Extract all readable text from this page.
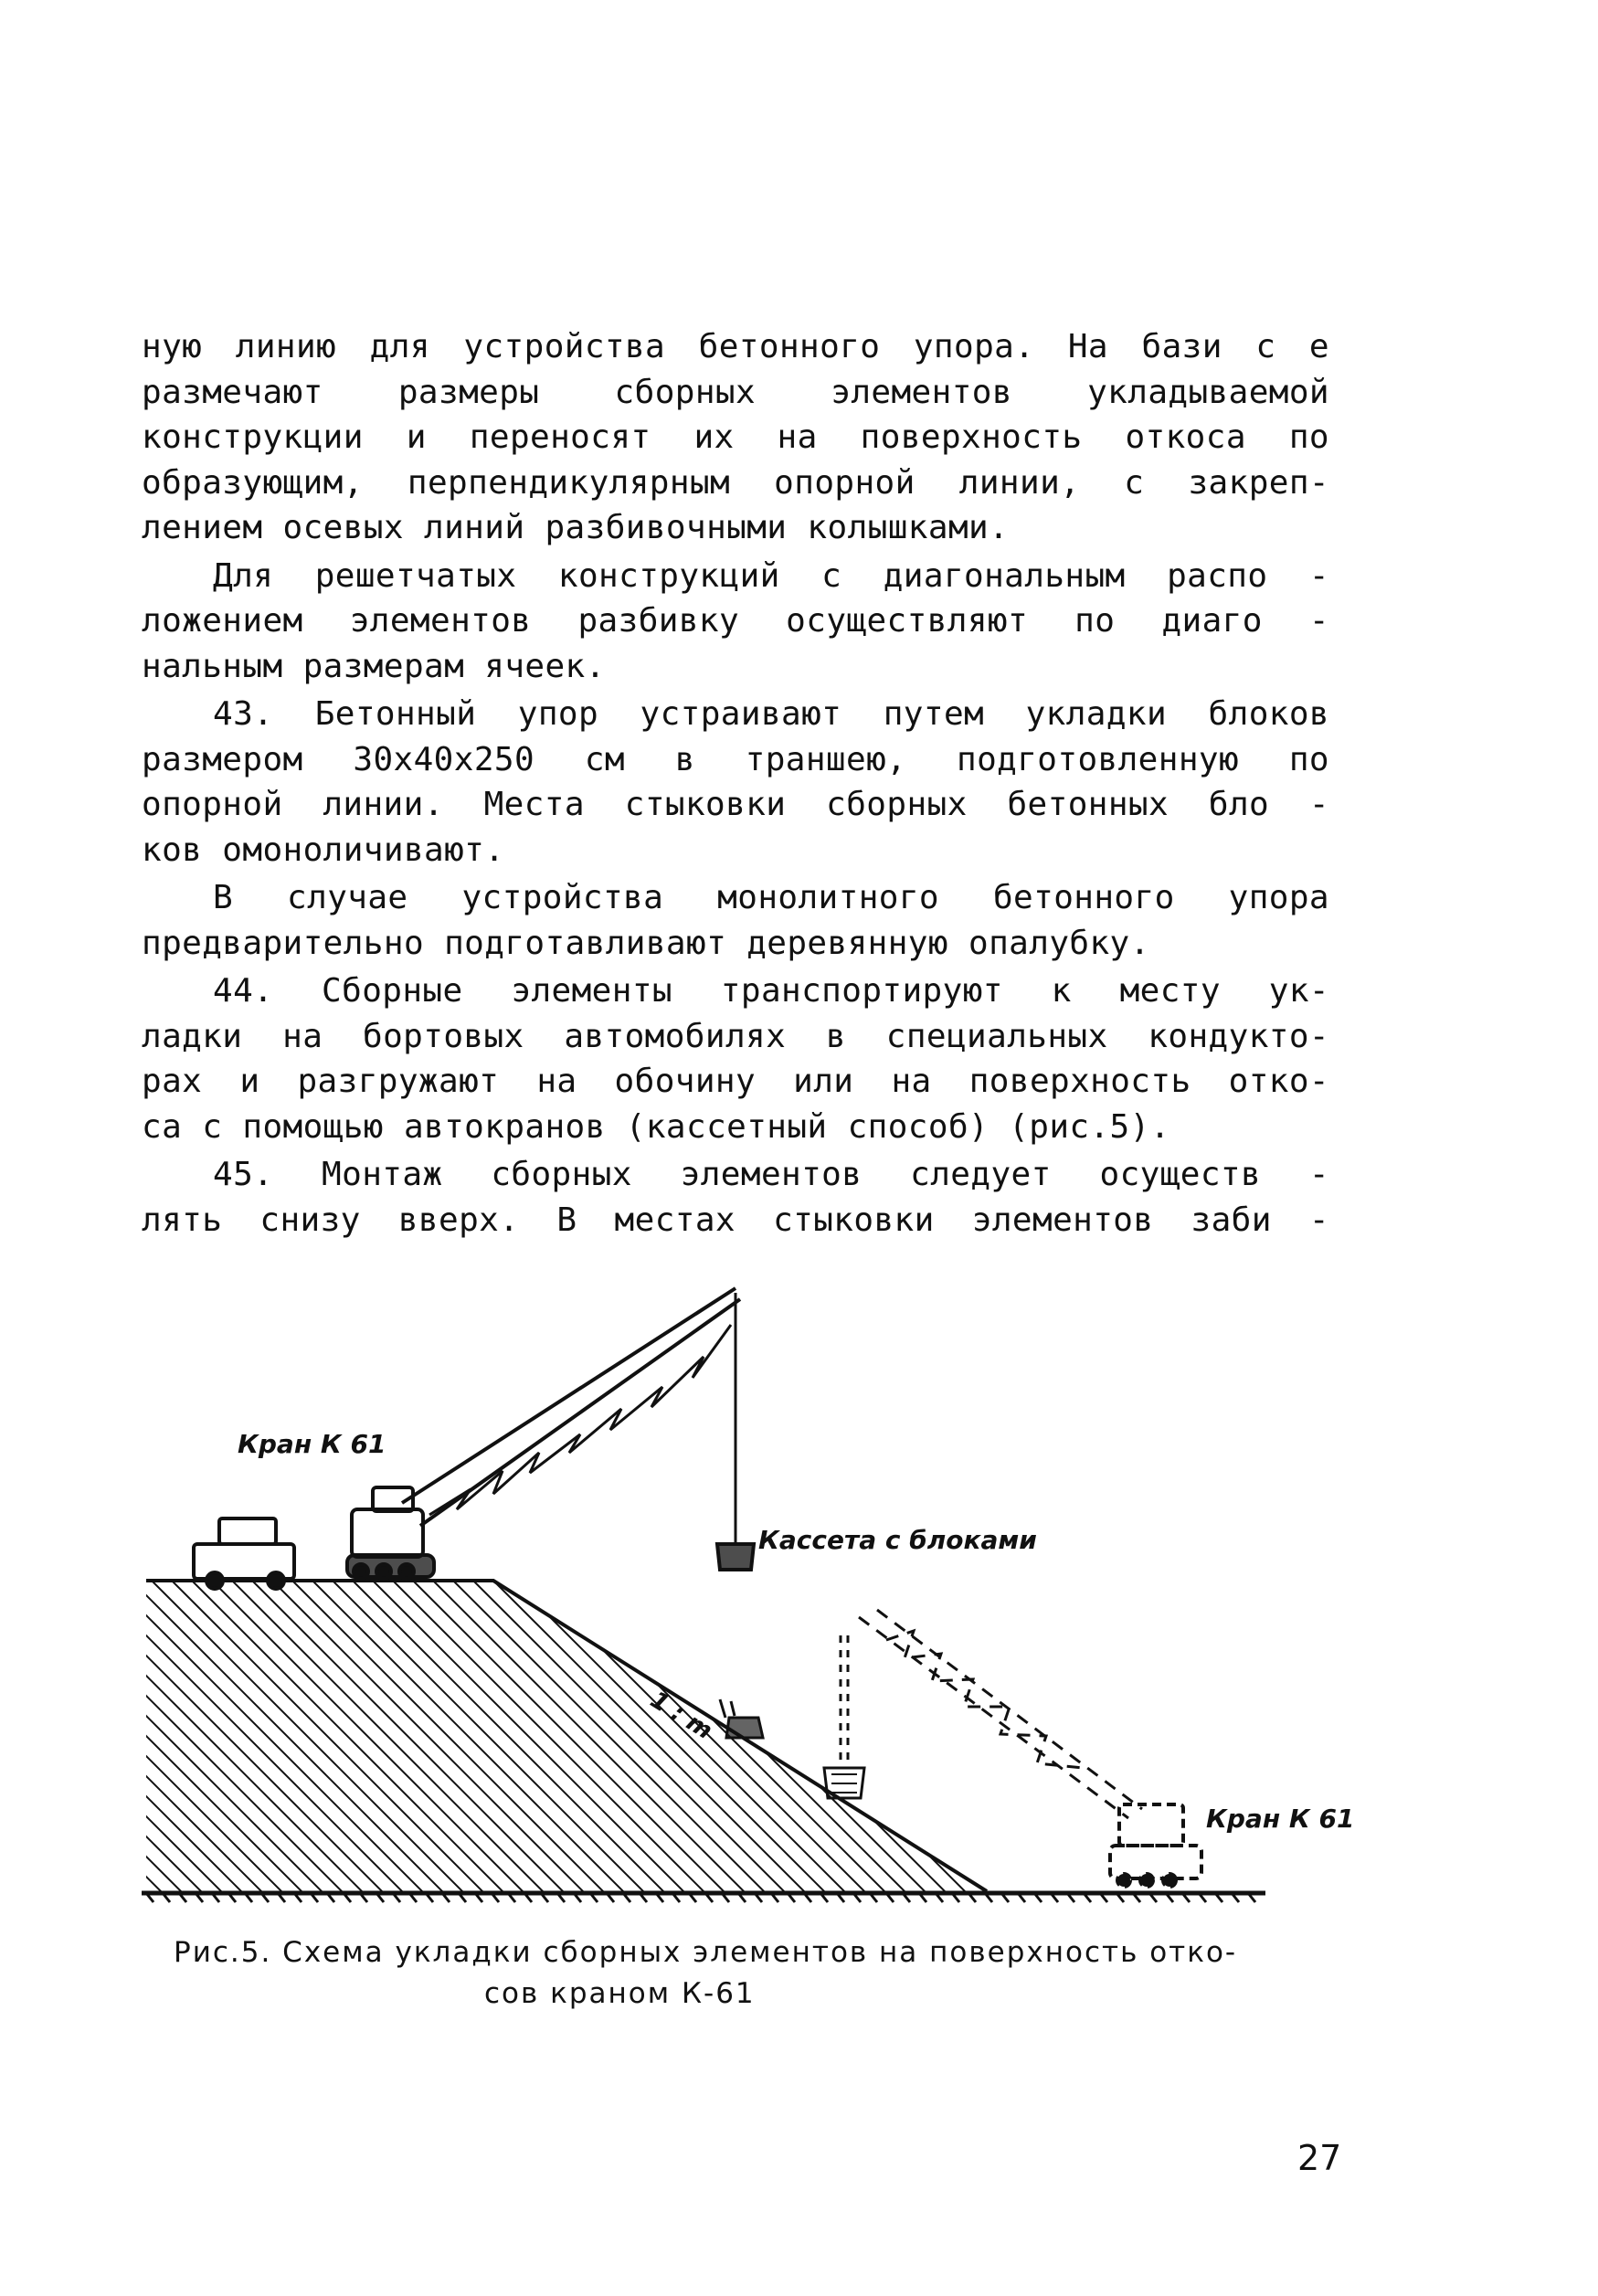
ную линию для устройства бетонного упора. На бази с е
размечают размеры сборных элементов укладываемой
конструкции и переносят их на поверхность откоса по
образующим, перпендикулярным опорной линии, с закреп-
лением осевых линий разбивочными колышками.
Для решетчатых конструкций с диагональным распо -
ложением элементов разбивку осуществляют по диаго -
нальным размерам ячеек.
43. Бетонный упор устраивают путем укладки блоков
размером 30х40х250 см в траншею, подготовленную по
опорной линии. Места стыковки сборных бетонных бло -
ков омоноличивают.
В случае устройства монолитного бетонного упора
предварительно подготавливают деревянную опалубку.
44. Сборные элементы транспортируют к месту ук-
ладки на бортовых автомобилях в специальных кондукто-
рах и разгружают на обочину или на поверхность отко-
са с помощью автокранов (кассетный способ) (рис.5).
45. Монтаж сборных элементов следует осуществ -
лять снизу вверх. В местах стыковки элементов заби -
1 : m
Кран К 61
Кассета с блоками
Кран К 61
Рис.5. Схема укладки сборных элементов на поверхность отко-
сов краном К-61
27
